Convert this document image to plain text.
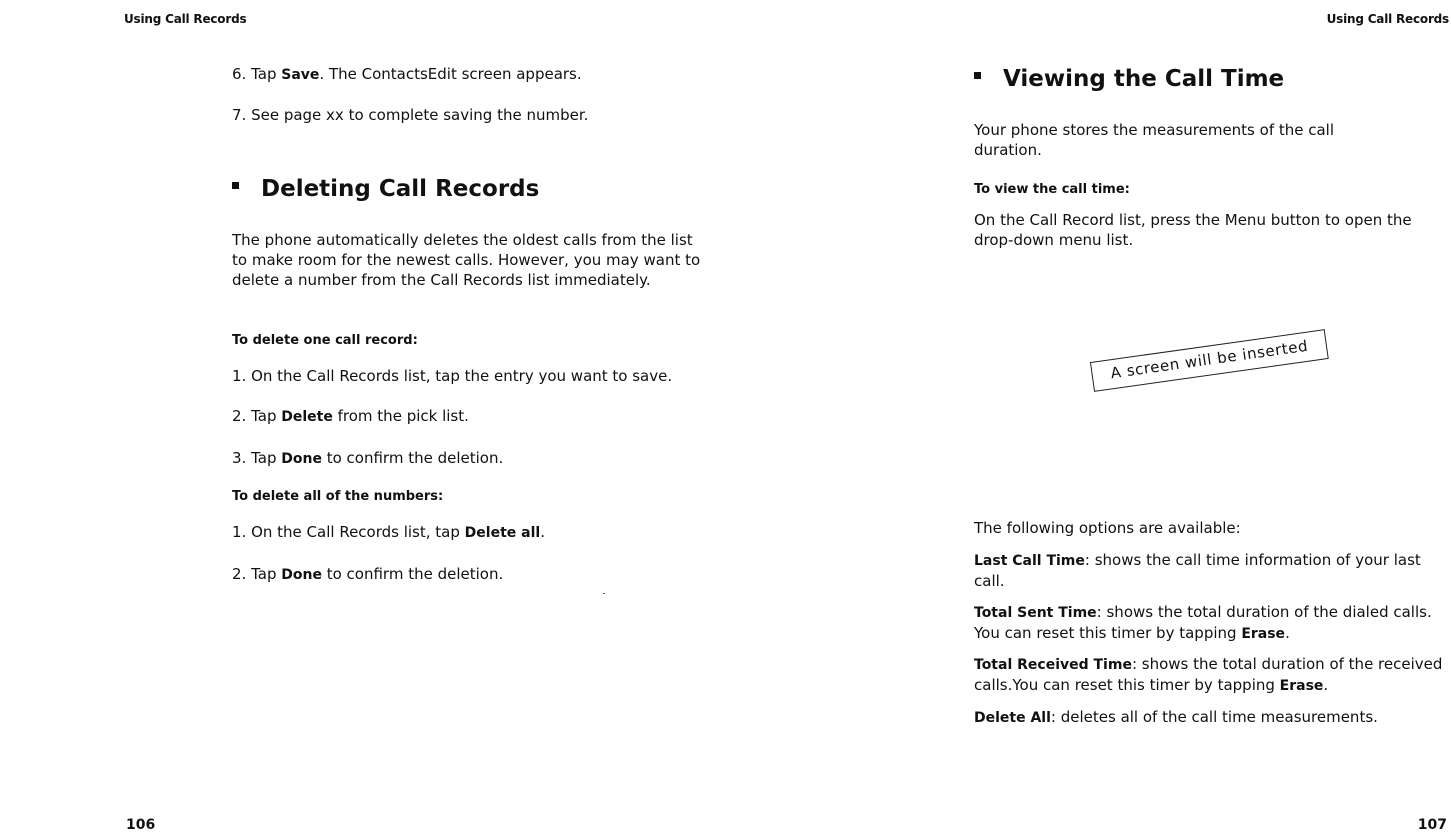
Using Call Records	Using Call Records

6. Tap Save. The ContactsEdit screen appears.

7. See page xx to complete saving the number.

Deleting Call Records

The phone automatically deletes the oldest calls from the list to make room for the newest calls. However, you may want to delete a number from the Call Records list immediately.

To delete one call record:

1. On the Call Records list, tap the entry you want to save.

2. Tap Delete from the pick list.

3. Tap Done to confirm the deletion.

To delete all of the numbers:

1. On the Call Records list, tap Delete all.

2. Tap Done to confirm the deletion.

Viewing the Call Time

Your phone stores the measurements of the call duration.

To view the call time:

On the Call Record list, press the Menu button to open the drop-down menu list.

The following options are available:

Last Call Time: shows the call time information of your last call.

Total Sent Time: shows the total duration of the dialed calls. You can reset this timer by tapping Erase.

Total Received Time: shows the total duration of the received calls.You can reset this timer by tapping Erase.

Delete All: deletes all of the call time measurements.

A screen will be inserted
106	107
